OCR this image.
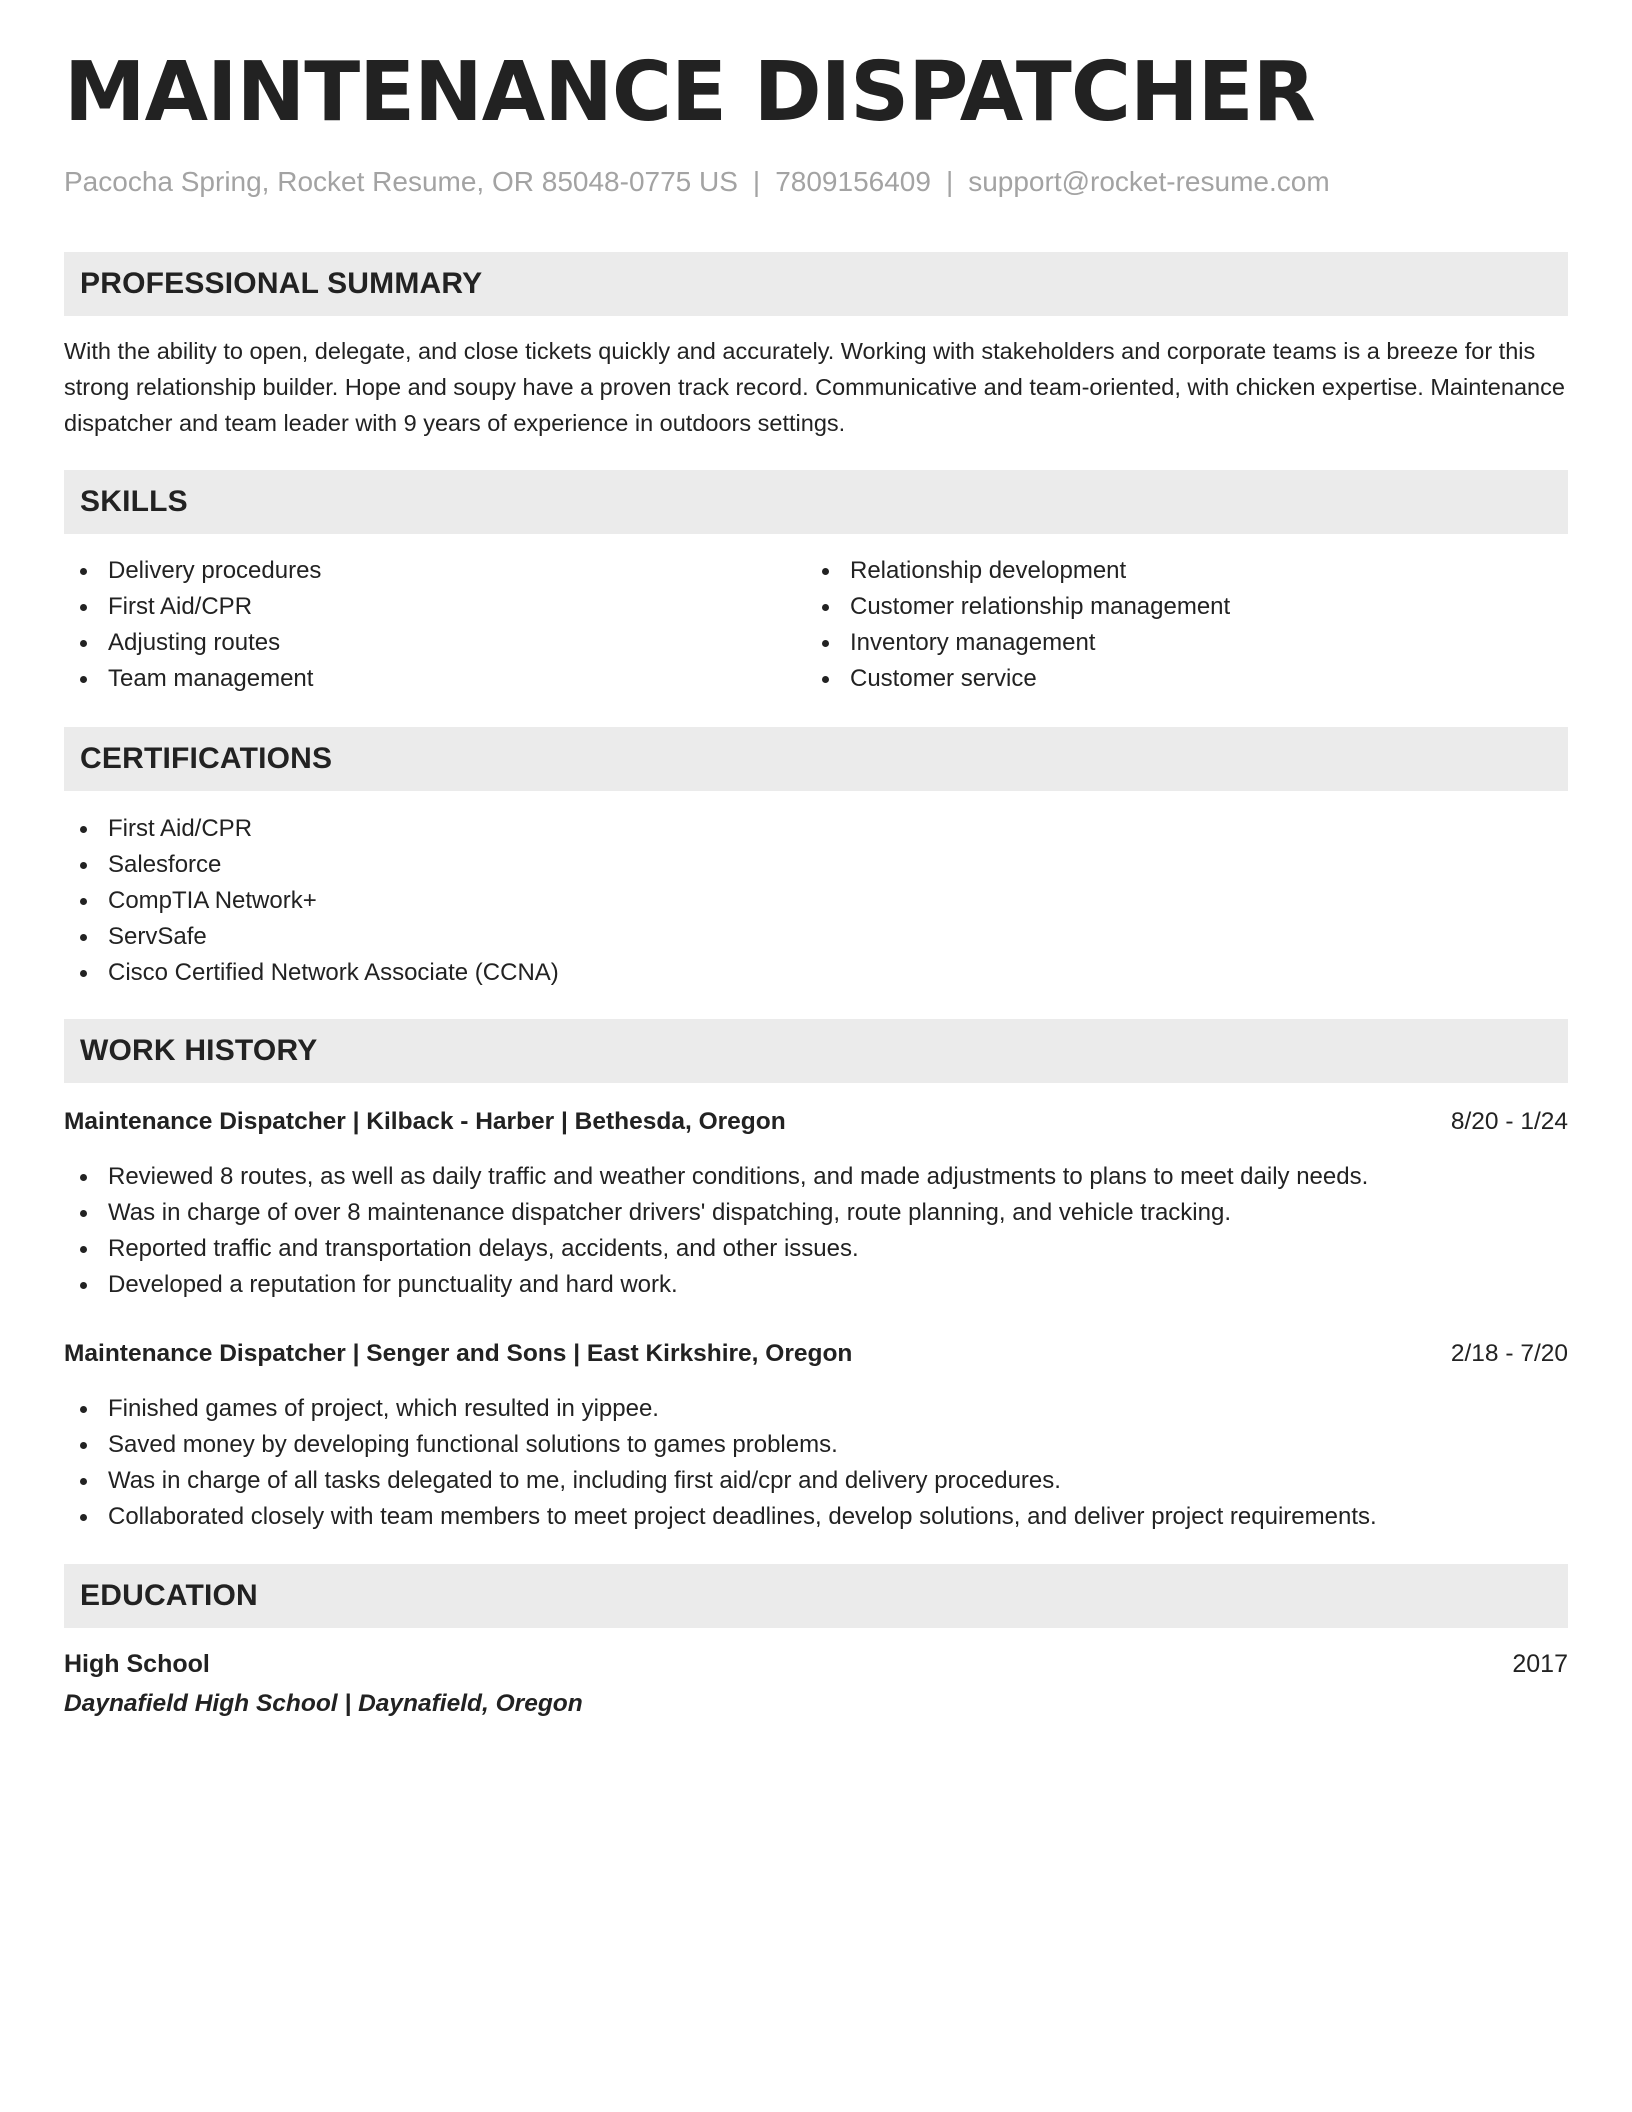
MAINTENANCE DISPATCHER
Pacocha Spring, Rocket Resume, OR 85048-0775 US | 7809156409 | support@rocket-resume.com
PROFESSIONAL SUMMARY

With the ability to open, delegate, and close tickets quickly and accurately. Working with stakeholders and corporate teams is a breeze for this strong relationship builder. Hope and soupy have a proven track record. Communicative and team-oriented, with chicken expertise. Maintenance dispatcher and team leader with 9 years of experience in outdoors settings.

SKILLS
Delivery procedures
First Aid/CPR
Adjusting routes
Team management
Relationship development
Customer relationship management
Inventory management
Customer service
CERTIFICATIONS
First Aid/CPR
Salesforce
CompTIA Network+
ServSafe
Cisco Certified Network Associate (CCNA)
WORK HISTORY
Maintenance Dispatcher | Kilback - Harber | Bethesda, Oregon	8/20 - 1/24
Reviewed 8 routes, as well as daily traffic and weather conditions, and made adjustments to plans to meet daily needs.
Was in charge of over 8 maintenance dispatcher drivers' dispatching, route planning, and vehicle tracking.
Reported traffic and transportation delays, accidents, and other issues.
Developed a reputation for punctuality and hard work.
Maintenance Dispatcher | Senger and Sons | East Kirkshire, Oregon	2/18 - 7/20
Finished games of project, which resulted in yippee.
Saved money by developing functional solutions to games problems.
Was in charge of all tasks delegated to me, including first aid/cpr and delivery procedures.
Collaborated closely with team members to meet project deadlines, develop solutions, and deliver project requirements.
EDUCATION
High School	2017
Daynafield High School | Daynafield, Oregon
